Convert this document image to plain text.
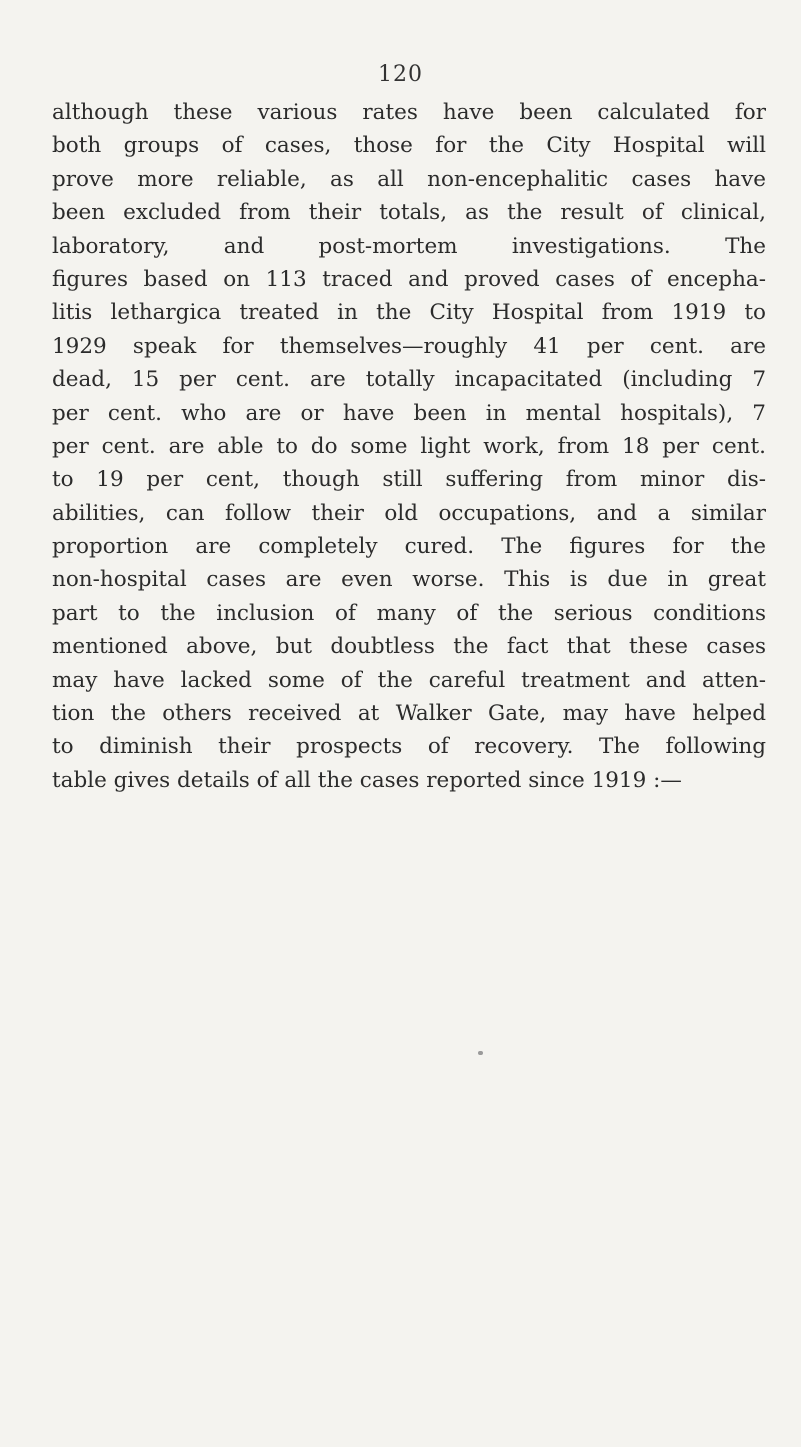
120
although these various rates have been calculated for
both groups of cases, those for the City Hospital will
prove more reliable, as all non-encephalitic cases have
been excluded from their totals, as the result of clinical,
laboratory, and post-mortem investigations. The
figures based on 113 traced and proved cases of encepha-
litis lethargica treated in the City Hospital from 1919 to
1929 speak for themselves—roughly 41 per cent. are
dead, 15 per cent. are totally incapacitated (including 7
per cent. who are or have been in mental hospitals), 7
per cent. are able to do some light work, from 18 per cent.
to 19 per cent, though still suffering from minor dis-
abilities, can follow their old occupations, and a similar
proportion are completely cured. The figures for the
non-hospital cases are even worse. This is due in great
part to the inclusion of many of the serious conditions
mentioned above, but doubtless the fact that these cases
may have lacked some of the careful treatment and atten-
tion the others received at Walker Gate, may have helped
to diminish their prospects of recovery. The following
table gives details of all the cases reported since 1919 :—
